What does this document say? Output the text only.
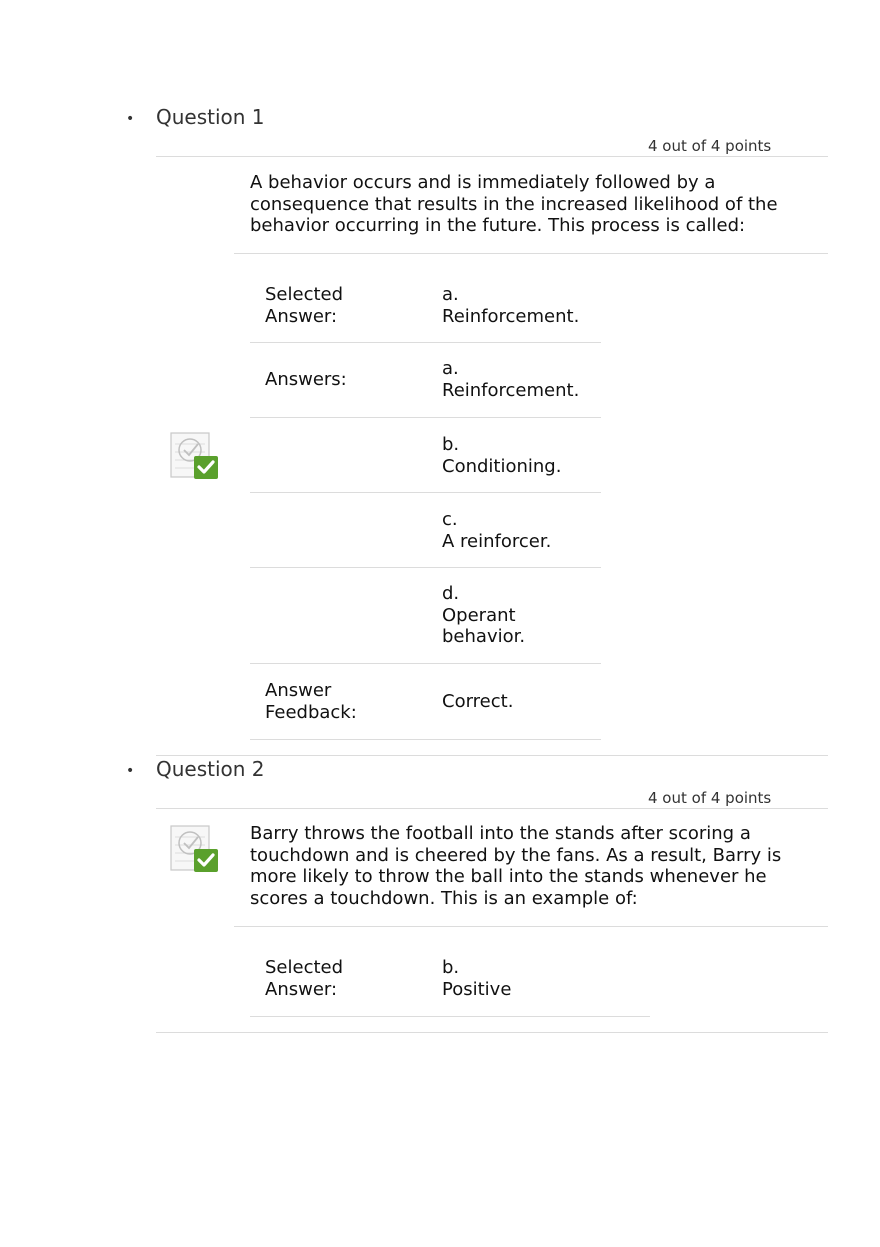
• Question 1
4 out of 4 points
A behavior occurs and is immediately followed by a
consequence that results in the increased likelihood of the
behavior occurring in the future. This process is called:
Selected
Answer:
a.
Reinforcement.
Answers:
a.
Reinforcement.
b.
Conditioning.
c.
A reinforcer.
d.
Operant
behavior.
Answer
Feedback:	Correct.
• Question 2
4 out of 4 points
Barry throws the football into the stands after scoring a
touchdown and is cheered by the fans. As a result, Barry is
more likely to throw the ball into the stands whenever he
scores a touchdown. This is an example of:
Selected
Answer:
b.
Positive
